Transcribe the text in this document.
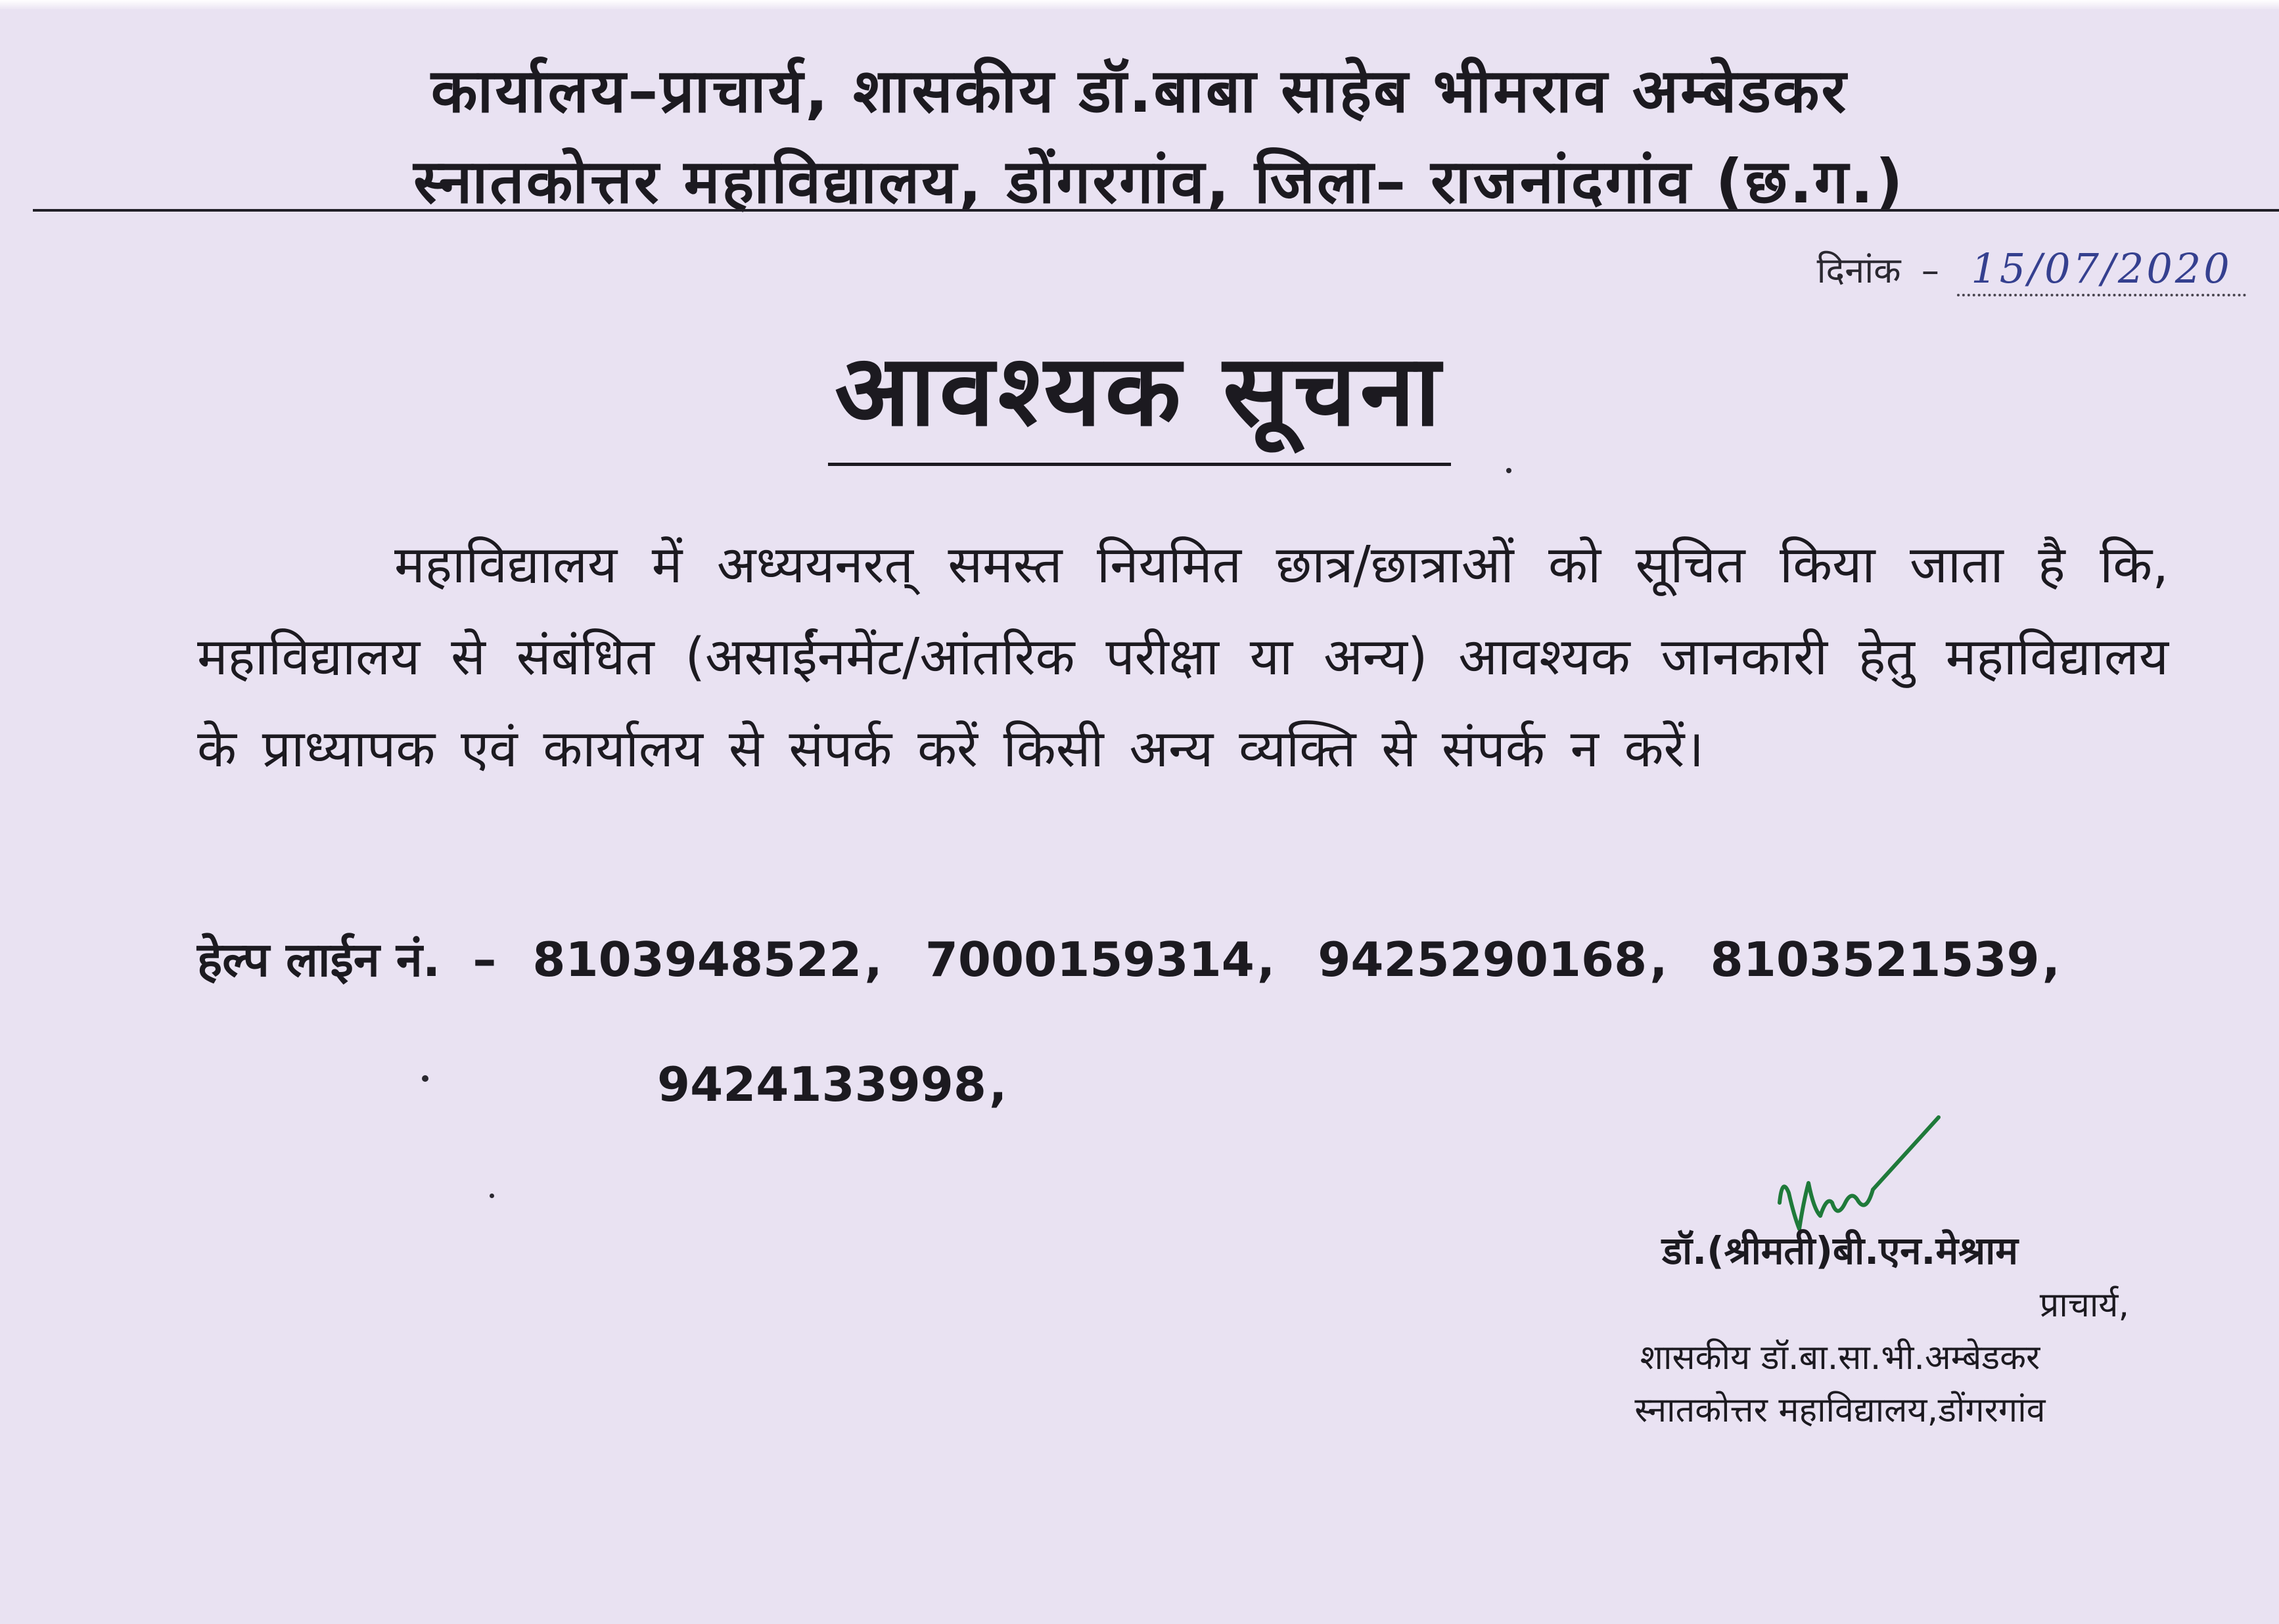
कार्यालय–प्राचार्य, शासकीय डॉ.बाबा साहेब भीमराव अम्बेडकर
स्नातकोत्तर महाविद्यालय, डोंगरगांव, जिला– राजनांदगांव (छ.ग.)
दिनांक – 15/07/2020
आवश्यक सूचना
महाविद्यालय में अध्ययनरत् समस्त नियमित छात्र/छात्राओं को सूचित किया जाता है कि, महाविद्यालय से संबंधित (असाईंनमेंट/आंतरिक परीक्षा या अन्य) आवश्यक जानकारी हेतु महाविद्यालय के प्राध्यापक एवं कार्यालय से संपर्क करें किसी अन्य व्यक्ति से संपर्क न करें।
हेल्प लाईन नं. – 8103948522, 7000159314, 9425290168, 8103521539,
9424133998,
डॉ.(श्रीमती)बी.एन.मेश्राम
प्राचार्य,
शासकीय डॉ.बा.सा.भी.अम्बेडकर
स्नातकोत्तर महाविद्यालय,डोंगरगांव
